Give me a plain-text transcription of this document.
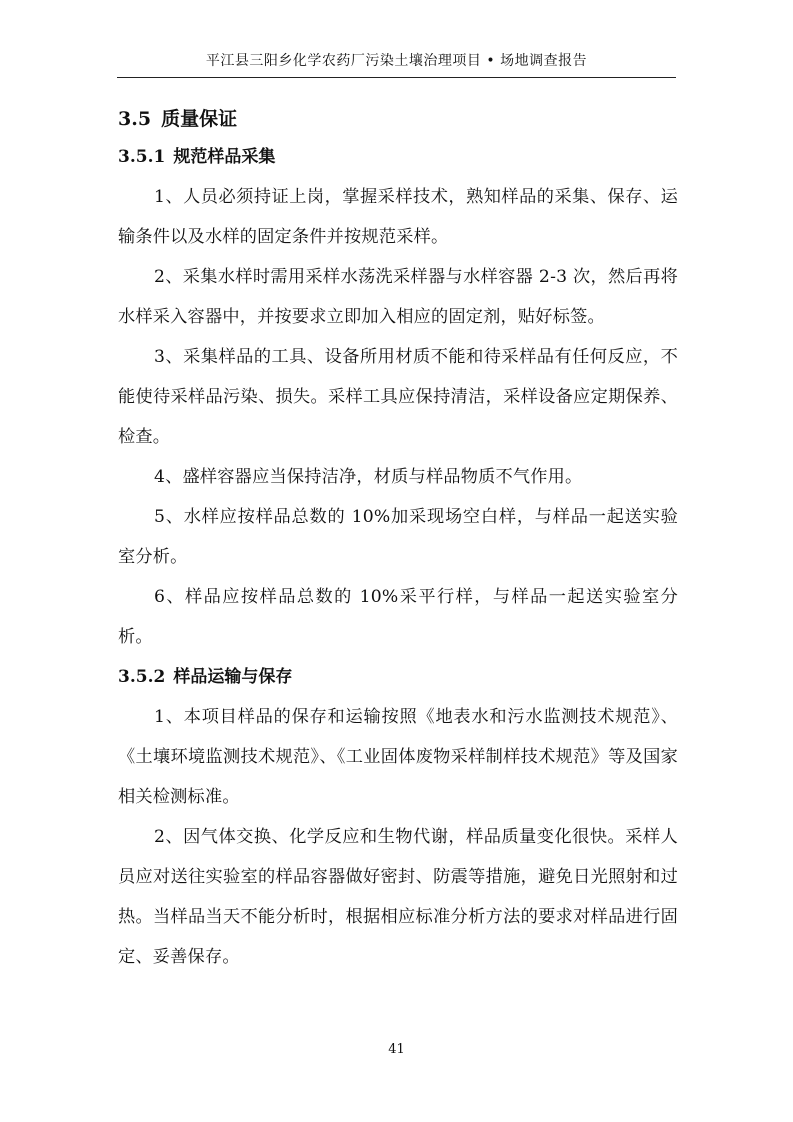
平江县三阳乡化学农药厂污染土壤治理项目 • 场地调查报告
3.5 质量保证
3.5.1 规范样品采集

1、人员必须持证上岗，掌握采样技术，熟知样品的采集、保存、运输条件以及水样的固定条件并按规范采样。

2、采集水样时需用采样水荡洗采样器与水样容器 2-3 次，然后再将水样采入容器中，并按要求立即加入相应的固定剂，贴好标签。

3、采集样品的工具、设备所用材质不能和待采样品有任何反应，不能使待采样品污染、损失。采样工具应保持清洁，采样设备应定期保养、检查。

4、盛样容器应当保持洁净，材质与样品物质不气作用。

5、水样应按样品总数的 10%加采现场空白样，与样品一起送实验室分析。

6、样品应按样品总数的 10%采平行样，与样品一起送实验室分析。

3.5.2 样品运输与保存

1、本项目样品的保存和运输按照《地表水和污水监测技术规范》、《土壤环境监测技术规范》、《工业固体废物采样制样技术规范》等及国家相关检测标准。

2、因气体交换、化学反应和生物代谢，样品质量变化很快。采样人员应对送往实验室的样品容器做好密封、防震等措施，避免日光照射和过热。当样品当天不能分析时，根据相应标准分析方法的要求对样品进行固定、妥善保存。

41
